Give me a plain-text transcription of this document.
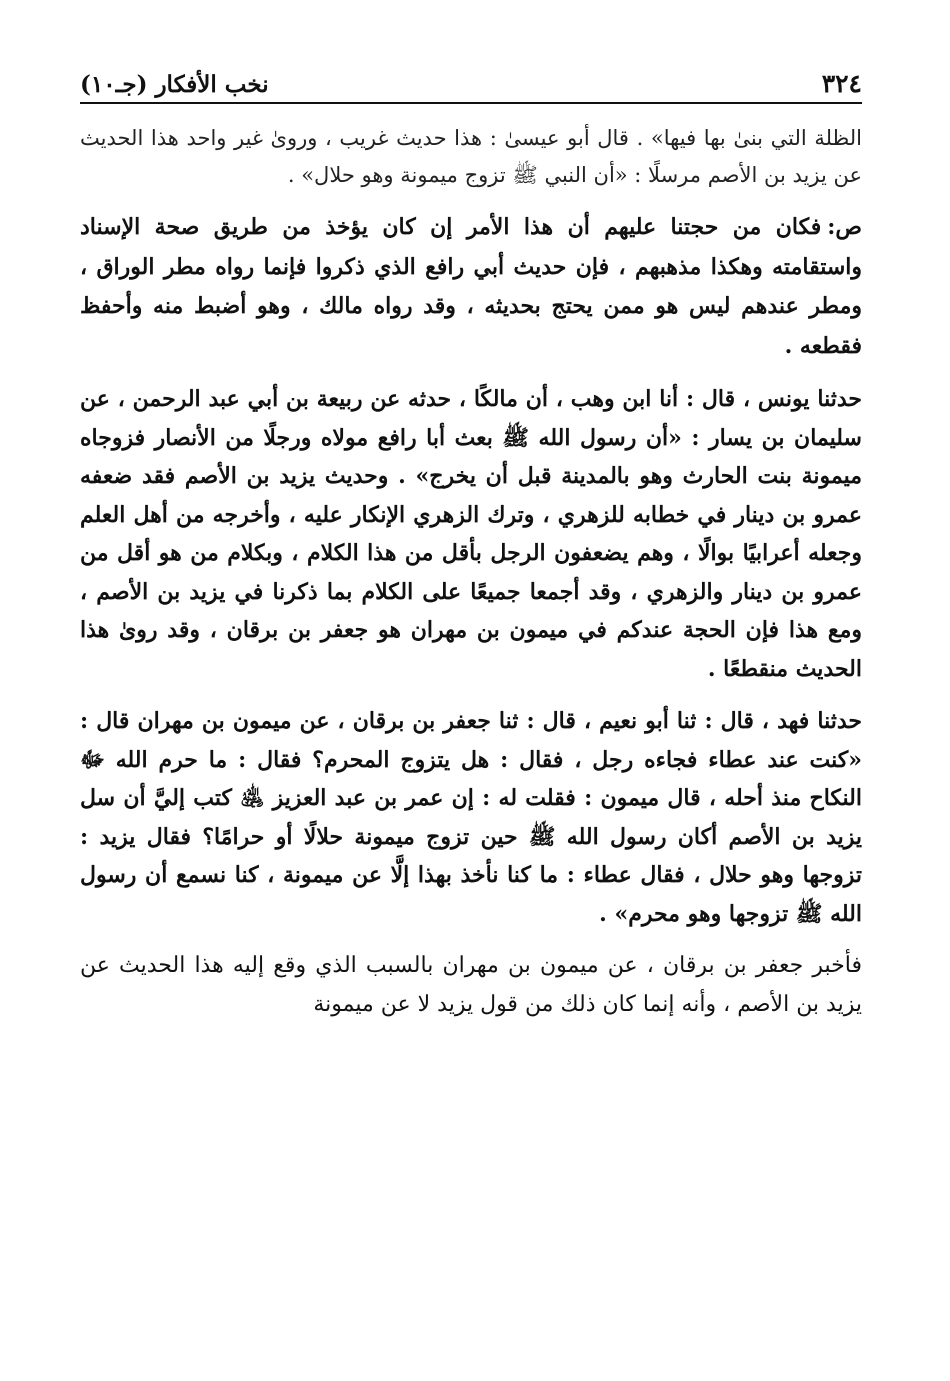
٣٢٤
نخب الأفكار (جـ١٠)

الظلة التي بنىٰ بها فيها» . قال أبو عيسىٰ : هذا حديث غريب ، ورویٰ غير واحد هذا الحديث عن يزيد بن الأصم مرسلًا : «أن النبي ﷺ تزوج ميمونة وهو حلال» .

ص:فكان من حجتنا عليهم أن هذا الأمر إن كان يؤخذ من طريق صحة الإسناد واستقامته وهكذا مذهبهم ، فإن حديث أبي رافع الذي ذكروا فإنما رواه مطر الوراق ، ومطر عندهم ليس هو ممن يحتج بحديثه ، وقد رواه مالك ، وهو أضبط منه وأحفظ فقطعه .

حدثنا يونس ، قال : أنا ابن وهب ، أن مالكًا ، حدثه عن ربيعة بن أبي عبد الرحمن ، عن سليمان بن يسار : «أن رسول الله ﷺ بعث أبا رافع مولاه ورجلًا من الأنصار فزوجاه ميمونة بنت الحارث وهو بالمدينة قبل أن يخرج» . وحديث يزيد بن الأصم فقد ضعفه عمرو بن دينار في خطابه للزهري ، وترك الزهري الإنكار عليه ، وأخرجه من أهل العلم وجعله أعرابيًا بوالًا ، وهم يضعفون الرجل بأقل من هذا الكلام ، وبكلام من هو أقل من عمرو بن دينار والزهري ، وقد أجمعا جميعًا على الكلام بما ذكرنا في يزيد بن الأصم ، ومع هذا فإن الحجة عندكم في ميمون بن مهران هو جعفر بن برقان ، وقد رویٰ هذا الحديث منقطعًا .

حدثنا فهد ، قال : ثنا أبو نعيم ، قال : ثنا جعفر بن برقان ، عن ميمون بن مهران قال : «كنت عند عطاء فجاءه رجل ، فقال : هل يتزوج المحرم؟ فقال : ما حرم الله ﷻ النكاح منذ أحله ، قال ميمون : فقلت له : إن عمر بن عبد العزيز ﵁ كتب إليَّ أن سل يزيد بن الأصم أكان رسول الله ﷺ حين تزوج ميمونة حلالًا أو حرامًا؟ فقال يزيد : تزوجها وهو حلال ، فقال عطاء : ما كنا نأخذ بهذا إلَّا عن ميمونة ، كنا نسمع أن رسول الله ﷺ تزوجها وهو محرم» .

فأخبر جعفر بن برقان ، عن ميمون بن مهران بالسبب الذي وقع إليه هذا الحديث عن يزيد بن الأصم ، وأنه إنما كان ذلك من قول يزيد لا عن ميمونة
